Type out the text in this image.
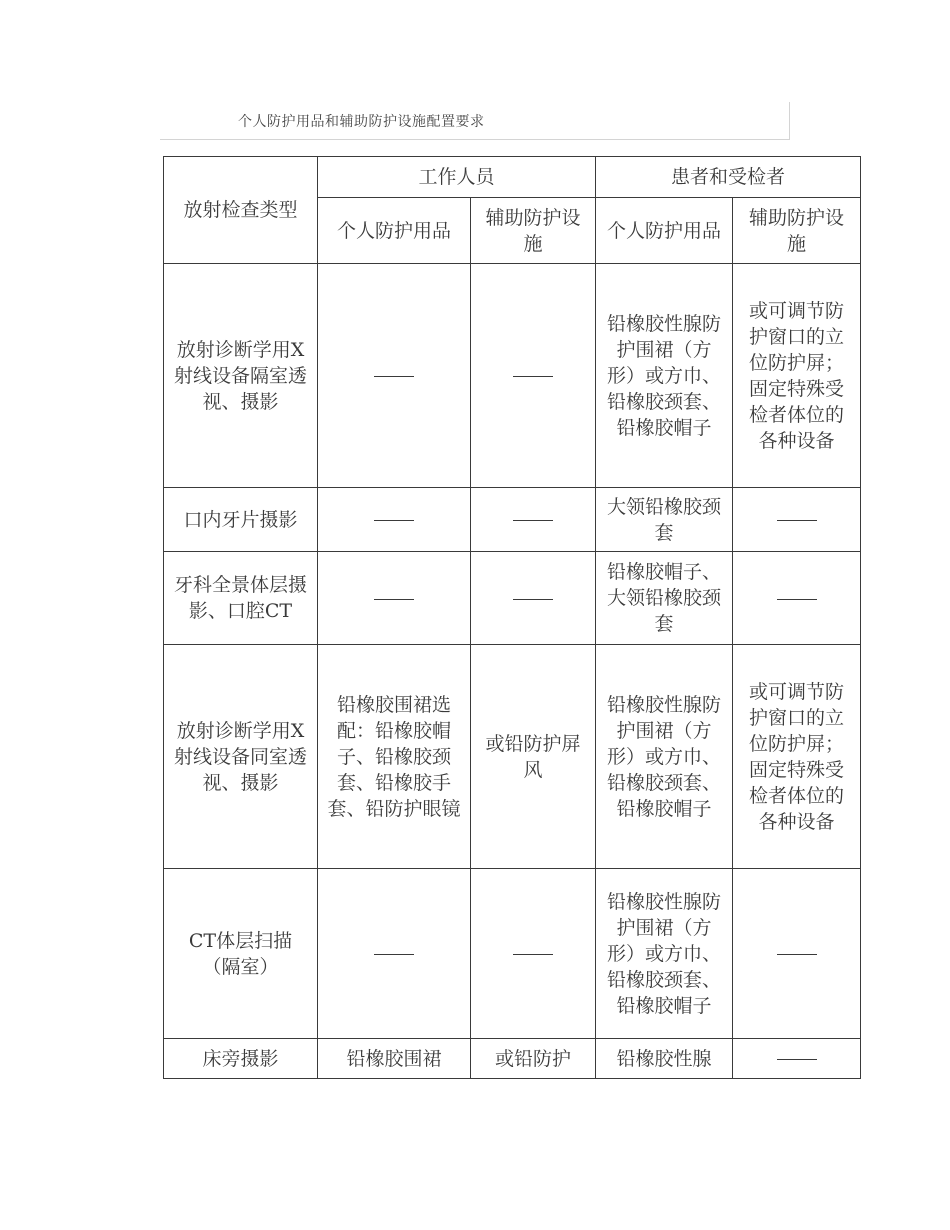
个人防护用品和辅助防护设施配置要求
放射检查类型	工作人员		患者和受检者	
	个人防护用品	辅助防护设施	个人防护用品	辅助防护设施
放射诊断学用X射线设备隔室透视、摄影			铅橡胶性腺防护围裙（方形）或方巾、铅橡胶颈套、铅橡胶帽子	或可调节防护窗口的立位防护屏；固定特殊受检者体位的各种设备
口内牙片摄影			大领铅橡胶颈套	
牙科全景体层摄影、口腔CT			铅橡胶帽子、大领铅橡胶颈套	
放射诊断学用X射线设备同室透视、摄影	铅橡胶围裙选配：铅橡胶帽子、铅橡胶颈套、铅橡胶手套、铅防护眼镜	或铅防护屏风	铅橡胶性腺防护围裙（方形）或方巾、铅橡胶颈套、铅橡胶帽子	或可调节防护窗口的立位防护屏；固定特殊受检者体位的各种设备
CT体层扫描（隔室）			铅橡胶性腺防护围裙（方形）或方巾、铅橡胶颈套、铅橡胶帽子	
床旁摄影	铅橡胶围裙	或铅防护	铅橡胶性腺	
